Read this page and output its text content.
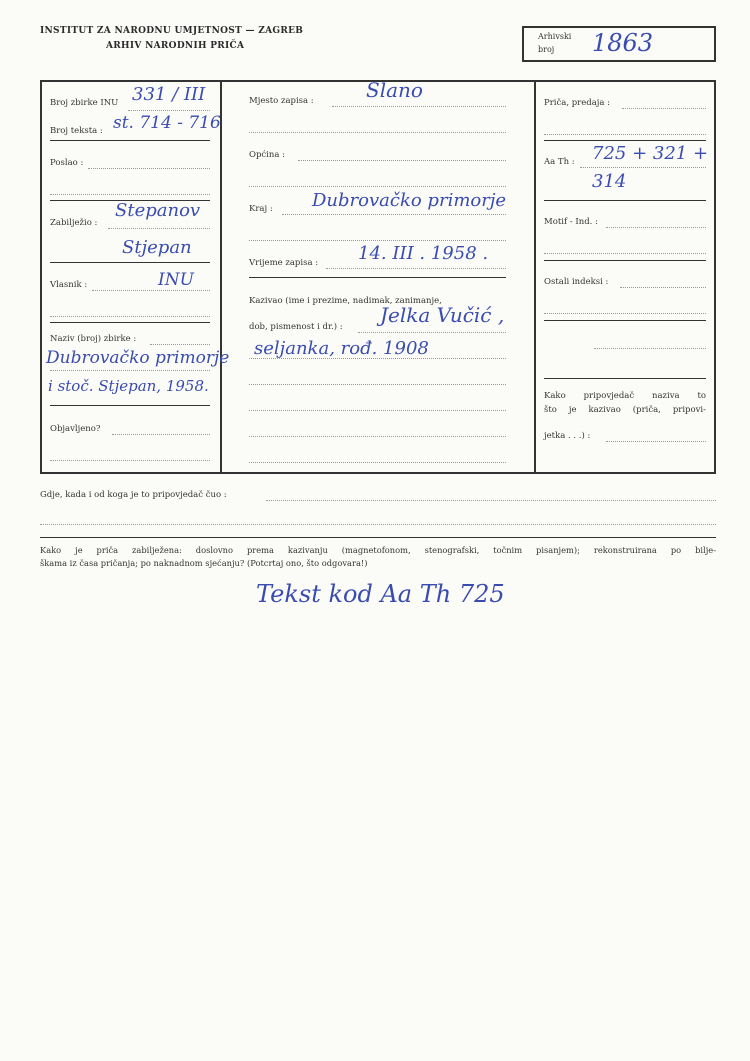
INSTITUT ZA NARODNU UMJETNOST — ZAGREB
ARHIV NARODNIH PRIČA
Arhivski
broj 1863
Broj zbirke INU 331 / III
Broj teksta : st. 714 - 716
Poslao :
Zabilježio :
Stepanov
Stjepan
Vlasnik :	INU
Naziv (broj) zbirke :
Dubrovačko primorje
i stoč. Stjepan, 1958.
Objavljeno?
Mjesto zapisa :	Slano
Općina :
Kraj : Dubrovačko primorje
Vrijeme zapisa : 14. III . 1958 .
Kazivao (ime i prezime, nadimak, zanimanje,
dob, pismenost i dr.) : Jelka Vučić ,
seljanka, rođ. 1908
Priča, predaja :
Aa Th : 725 + 321 +
314
Motif - Ind. :
Ostali indeksi :
Kako pripovjedač naziva to
što je kazivao (priča, pripovi-
jetka . . .) :
Gdje, kada i od koga je to pripovjedač čuo :
Kako je priča zabilježena: doslovno prema kazivanju (magnetofonom, stenografski, točnim pisanjem); rekonstruirana po bilje-
škama iz časa pričanja; po naknadnom sjećanju? (Potcrtaj ono, što odgovara!)
Tekst kod Aa Th 725
